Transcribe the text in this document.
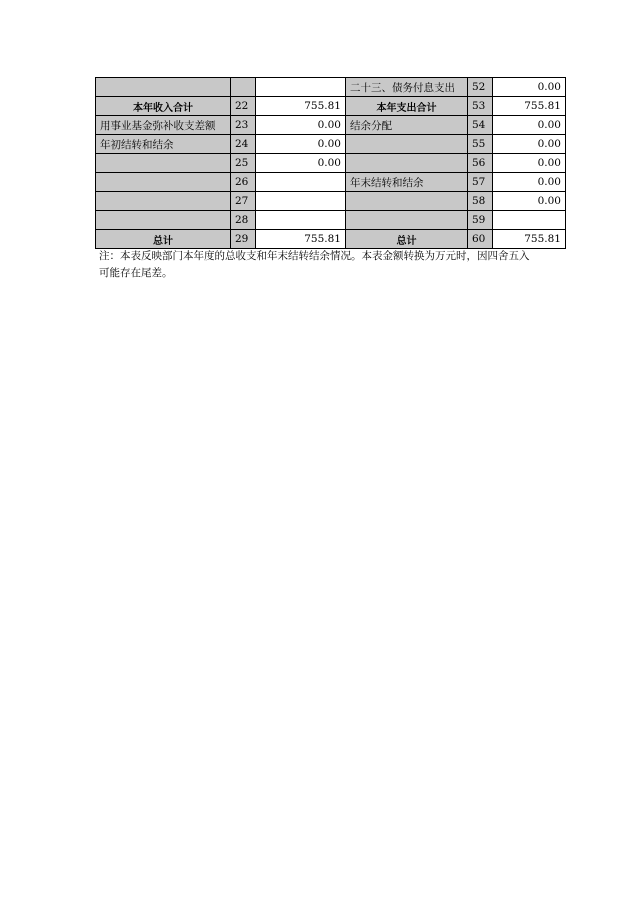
			二十三、债务付息支出	52	0.00
本年收入合计	22	755.81	本年支出合计	53	755.81
用事业基金弥补收支差额	23	0.00	结余分配	54	0.00
年初结转和结余	24	0.00		55	0.00
	25	0.00		56	0.00
	26		年末结转和结余	57	0.00
	27			58	0.00
	28			59	
总计	29	755.81	总计	60	755.81
注：本表反映部门本年度的总收支和年末结转结余情况。本表金额转换为万元时，因四舍五入
可能存在尾差。
